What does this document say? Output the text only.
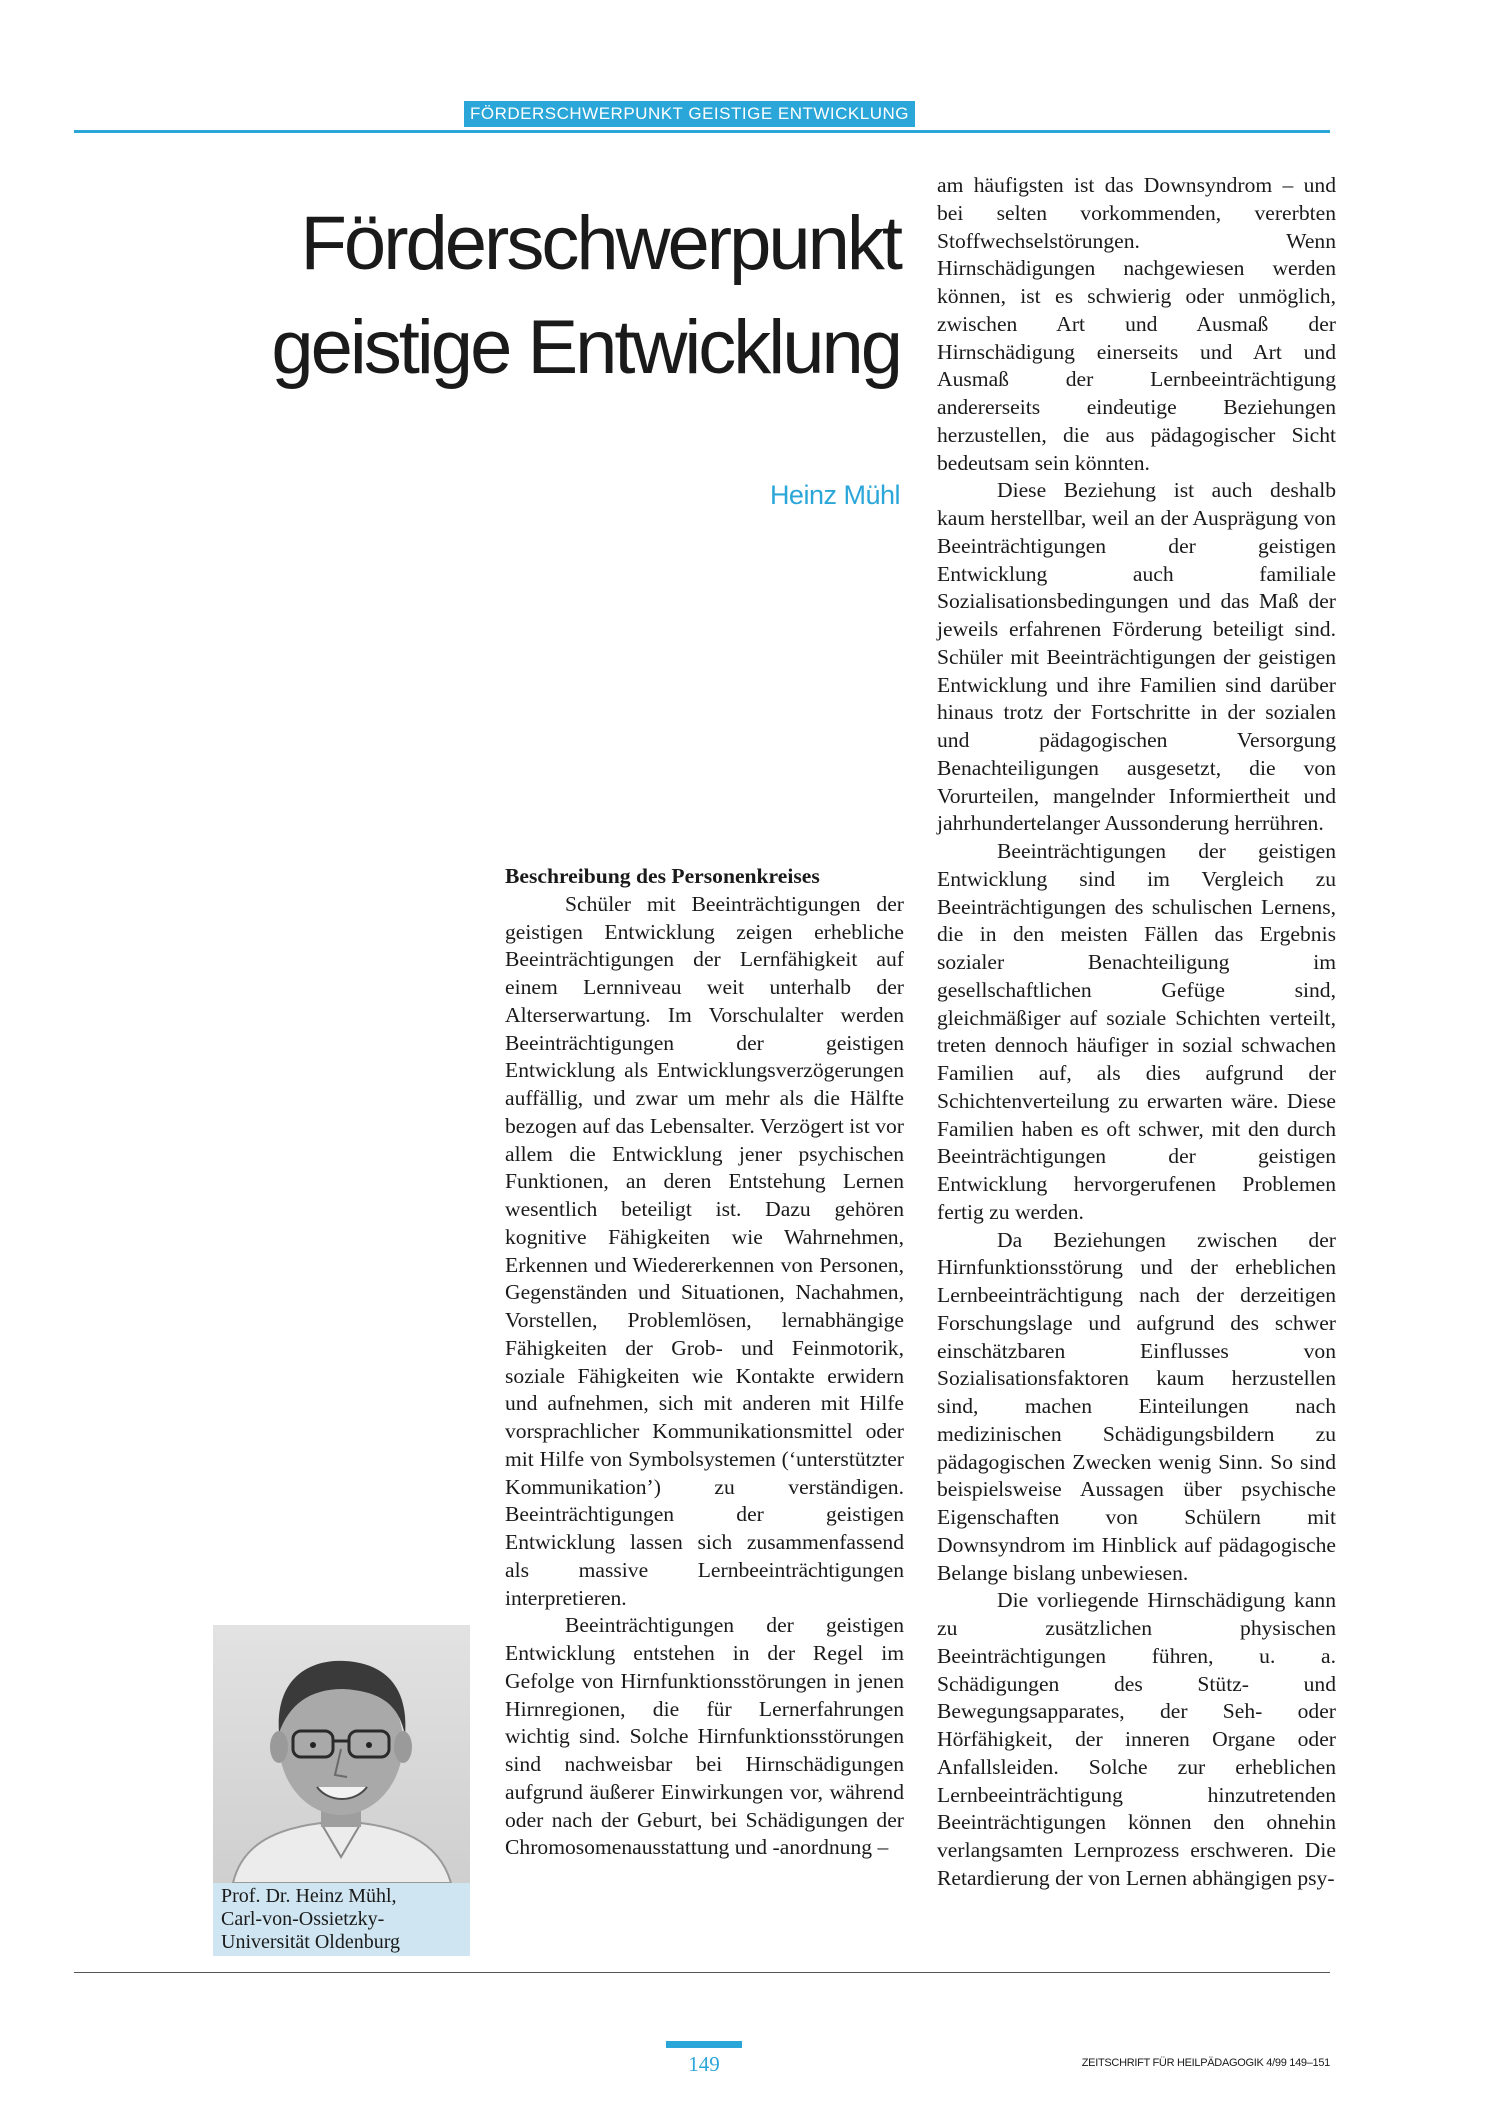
FÖRDERSCHWERPUNKT GEISTIGE ENTWICKLUNG
Förderschwerpunkt
geistige Entwicklung
Heinz Mühl

Beschreibung des Personenkreises

Schüler mit Beeinträchtigungen der geistigen Entwicklung zeigen erhebliche Beeinträchtigungen der Lernfähigkeit auf einem Lernniveau weit unterhalb der Alterserwartung. Im Vorschulalter werden Beeinträchtigungen der geistigen Entwicklung als Entwicklungsverzögerungen auffällig, und zwar um mehr als die Hälfte bezogen auf das Lebensalter. Verzögert ist vor allem die Entwicklung jener psychischen Funktionen, an deren Entstehung Lernen wesentlich beteiligt ist. Dazu gehören kognitive Fähigkeiten wie Wahrnehmen, Erkennen und Wiedererkennen von Personen, Gegenständen und Situationen, Nachahmen, Vorstellen, Problemlösen, lernabhängige Fähigkeiten der Grob- und Feinmotorik, soziale Fähigkeiten wie Kontakte erwidern und aufnehmen, sich mit anderen mit Hilfe vorsprachlicher Kommunikationsmittel oder mit Hilfe von Symbolsystemen (‘unterstützter Kommunikation’) zu verständigen. Beeinträchtigungen der geistigen Entwicklung lassen sich zusammenfassend als massive Lernbeeinträchtigungen interpretieren.

Beeinträchtigungen der geistigen Entwicklung entstehen in der Regel im Gefolge von Hirnfunktionsstörungen in jenen Hirnregionen, die für Lernerfahrungen wichtig sind. Solche Hirnfunktionsstörungen sind nachweisbar bei Hirnschädigungen aufgrund äußerer Einwirkungen vor, während oder nach der Geburt, bei Schädigungen der Chromosomenausstattung und -anordnung –

am häufigsten ist das Downsyndrom – und bei selten vorkommenden, vererbten Stoffwechselstörungen. Wenn Hirnschädigungen nachgewiesen werden können, ist es schwierig oder unmöglich, zwischen Art und Ausmaß der Hirnschädigung einerseits und Art und Ausmaß der Lernbeeinträchtigung andererseits eindeutige Beziehungen herzustellen, die aus pädagogischer Sicht bedeutsam sein könnten.

Diese Beziehung ist auch deshalb kaum herstellbar, weil an der Ausprägung von Beeinträchtigungen der geistigen Entwicklung auch familiale Sozialisationsbedingungen und das Maß der jeweils erfahrenen Förderung beteiligt sind. Schüler mit Beeinträchtigungen der geistigen Entwicklung und ihre Familien sind darüber hinaus trotz der Fortschritte in der sozialen und pädagogischen Versorgung Benachteiligungen ausgesetzt, die von Vorurteilen, mangelnder Informiertheit und jahrhundertelanger Aussonderung herrühren.

Beeinträchtigungen der geistigen Entwicklung sind im Vergleich zu Beeinträchtigungen des schulischen Lernens, die in den meisten Fällen das Ergebnis sozialer Benachteiligung im gesellschaftlichen Gefüge sind, gleichmäßiger auf soziale Schichten verteilt, treten dennoch häufiger in sozial schwachen Familien auf, als dies aufgrund der Schichtenverteilung zu erwarten wäre. Diese Familien haben es oft schwer, mit den durch Beeinträchtigungen der geistigen Entwicklung hervorgerufenen Problemen fertig zu werden.

Da Beziehungen zwischen der Hirnfunktionsstörung und der erheblichen Lernbeeinträchtigung nach der derzeitigen Forschungslage und aufgrund des schwer einschätzbaren Einflusses von Sozialisationsfaktoren kaum herzustellen sind, machen Einteilungen nach medizinischen Schädigungsbildern zu pädagogischen Zwecken wenig Sinn. So sind beispielsweise Aussagen über psychische Eigenschaften von Schülern mit Downsyndrom im Hinblick auf pädagogische Belange bislang unbewiesen.

Die vorliegende Hirnschädigung kann zu zusätzlichen physischen Beeinträchtigungen führen, u. a. Schädigungen des Stütz- und Bewegungsapparates, der Seh- oder Hörfähigkeit, der inneren Organe oder Anfallsleiden. Solche zur erheblichen Lernbeeinträchtigung hinzutretenden Beeinträchtigungen können den ohnehin verlangsamten Lernprozess erschweren. Die Retardierung der von Lernen abhängigen psy-

Prof. Dr. Heinz Mühl,
Carl-von-Ossietzky-
Universität Oldenburg
149	ZEITSCHRIFT FÜR HEILPÄDAGOGIK 4/99 149–151
